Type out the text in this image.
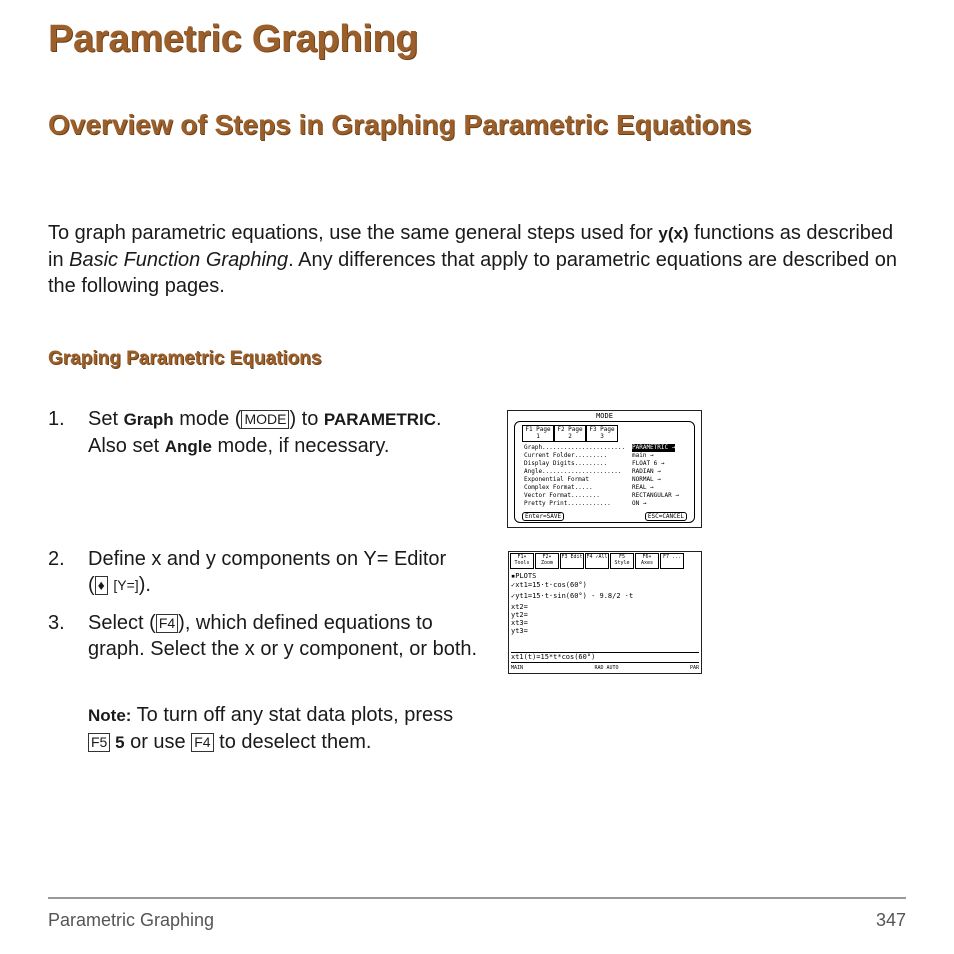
Parametric Graphing
Overview of Steps in Graphing Parametric Equations
To graph parametric equations, use the same general steps used for y(x) functions as described in Basic Function Graphing. Any differences that apply to parametric equations are described on the following pages.
Graping Parametric Equations
1. Set Graph mode ( MODE ) to PARAMETRIC.
Also set Angle mode, if necessary.
2. Define x and y components on Y= Editor
( ♦ [ Y= ] ).
3. Select ( F4 ), which defined equations to graph. Select the x or y component, or both.
Note: To turn off any stat data plots, press
F5 5 or use F4 to deselect them.
MODE
F1 Page 1
F2 Page 2
F3 Page 3
Graph.......................	PARAMETRIC →
Current Folder.........	main →
Display Digits.........	FLOAT 6 →
Angle......................	RADIAN →
Exponential Format	NORMAL →
Complex Format.....	REAL →
Vector Format........	RECTANGULAR →
Pretty Print............	ON →
Enter=SAVE	ESC=CANCEL
F1▾ Tools
F2▾ Zoom
F3 Edit F4 ✓All	F5 Style
F6▾ Axes
F7 ...
▪PLOTS
✓xt1=15·t·cos(60°)
✓yt1=15·t·sin(60°) - 9.8/2 ·t
xt2=
yt2=
xt3=
yt3=
xt1(t)=15*t*cos(60°)
MAIN	RAD AUTO	PAR
Parametric Graphing	347
